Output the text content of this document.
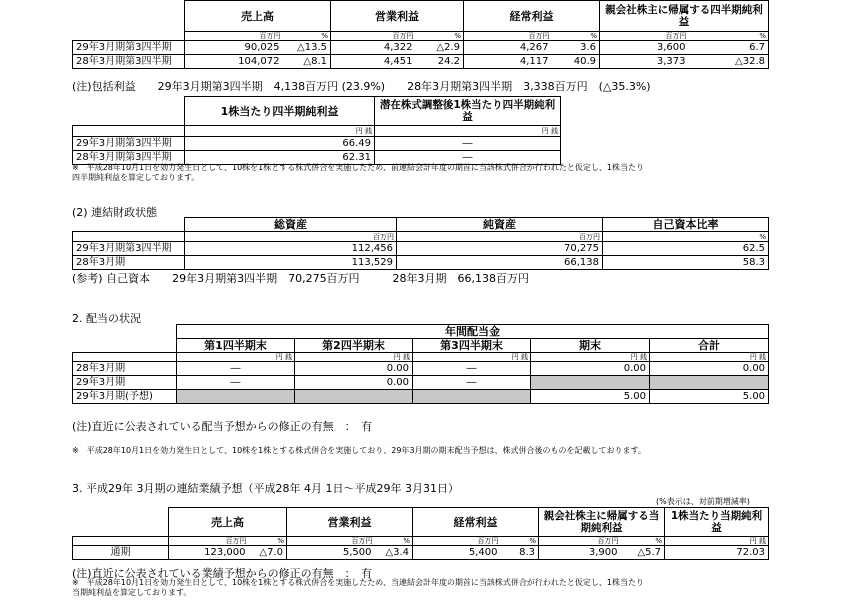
	売上高		営業利益		経常利益		親会社株主に帰属する四半期純利益	
	百万円	%	百万円	%	百万円	%	百万円	%
29年3月期第3四半期	90,025	△13.5	4,322	△2.9	4,267	3.6	3,600	6.7
28年3月期第3四半期	104,072	△8.1	4,451	24.2	4,117	40.9	3,373	△32.8
(注)包括利益　　29年3月期第3四半期　4,138百万円 (23.9%)　　28年3月期第3四半期　3,338百万円　(△35.3%)
	1株当たり四半期純利益	潜在株式調整後1株当たり四半期純利益
	円 銭	円 銭
29年3月期第3四半期	66.49	―
28年3月期第3四半期	62.31	―
※　平成28年10月1日を効力発生日として、10株を1株とする株式併合を実施したため、前連結会計年度の期首に当該株式併合が行われたと仮定し、1株当たり
四半期純利益を算定しております。
(2) 連結財政状態
	総資産	純資産	自己資本比率
	百万円	百万円	%
29年3月期第3四半期	112,456	70,275	62.5
28年3月期	113,529	66,138	58.3
(参考) 自己資本　　29年3月期第3四半期　70,275百万円　　　28年3月期　66,138百万円
2. 配当の状況
	年間配当金				
	第1四半期末	第2四半期末	第3四半期末	期末	合計
	円 銭	円 銭	円 銭	円 銭	円 銭
28年3月期	―	0.00	―	0.00	0.00
29年3月期	―	0.00	―		
29年3月期(予想)				5.00	5.00
(注)直近に公表されている配当予想からの修正の有無　：　有
※　平成28年10月1日を効力発生日として、10株を1株とする株式併合を実施しており、29年3月期の期末配当予想は、株式併合後のものを記載しております。
3. 平成29年 3月期の連結業績予想（平成28年 4月 1日～平成29年 3月31日）
(%表示は、対前期増減率)
	売上高		営業利益		経常利益		親会社株主に帰属する当期純利益		1株当たり当期純利益
	百万円	%	百万円	%	百万円	%	百万円	%	円 銭
通期	123,000	△7.0	5,500	△3.4	5,400	8.3	3,900	△5.7	72.03
(注)直近に公表されている業績予想からの修正の有無　：　有
※　平成28年10月1日を効力発生日として、10株を1株とする株式併合を実施したため、当連結会計年度の期首に当該株式併合が行われたと仮定し、1株当たり
当期純利益を算定しております。
